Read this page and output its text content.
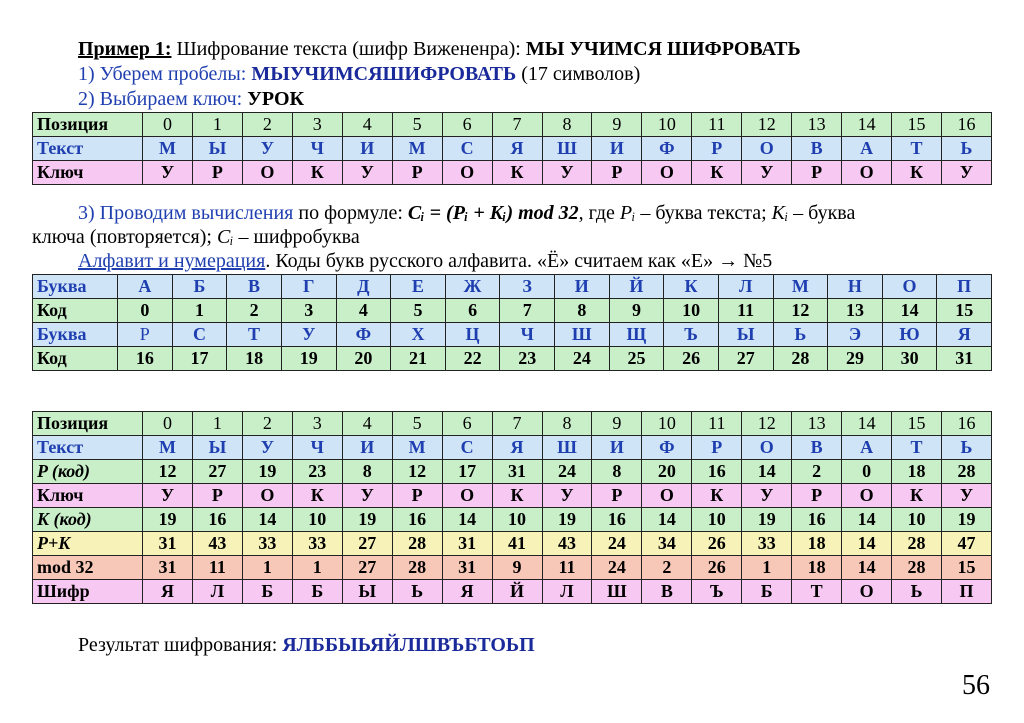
Пример 1: Шифрование текста (шифр Вижененра): МЫ УЧИМСЯ ШИФРОВАТЬ
1) Уберем пробелы: МЫУЧИМСЯШИФРОВАТЬ (17 символов)
2) Выбираем ключ: УРОК
Позиция	0	1	2	3	4	5	6	7	8	9	10	11	12	13	14	15	16
Текст	М	Ы	У	Ч	И	М	С	Я	Ш	И	Ф	Р	О	В	А	Т	Ь
Ключ	У	Р	О	К	У	Р	О	К	У	Р	О	К	У	Р	О	К	У
3) Проводим вычисления по формуле: Cᵢ = (Pᵢ + Kᵢ) mod 32, где Pᵢ – буква текста; Kᵢ – буква
ключа (повторяется); Cᵢ – шифробуква
Алфавит и нумерация. Коды букв русского алфавита. «Ё» считаем как «Е» → №5
Буква	А	Б	В	Г	Д	Е	Ж	З	И	Й	К	Л	М	Н	О	П
Код	0	1	2	3	4	5	6	7	8	9	10	11	12	13	14	15
Буква	Р	С	Т	У	Ф	Х	Ц	Ч	Ш	Щ	Ъ	Ы	Ь	Э	Ю	Я
Код	16	17	18	19	20	21	22	23	24	25	26	27	28	29	30	31
Позиция	0	1	2	3	4	5	6	7	8	9	10	11	12	13	14	15	16
Текст	М	Ы	У	Ч	И	М	С	Я	Ш	И	Ф	Р	О	В	А	Т	Ь
P (код)	12	27	19	23	8	12	17	31	24	8	20	16	14	2	0	18	28
Ключ	У	Р	О	К	У	Р	О	К	У	Р	О	К	У	Р	О	К	У
K (код)	19	16	14	10	19	16	14	10	19	16	14	10	19	16	14	10	19
P+K	31	43	33	33	27	28	31	41	43	24	34	26	33	18	14	28	47
mod 32	31	11	1	1	27	28	31	9	11	24	2	26	1	18	14	28	15
Шифр	Я	Л	Б	Б	Ы	Ь	Я	Й	Л	Ш	В	Ъ	Б	Т	О	Ь	П
Результат шифрования: ЯЛББЫЬЯЙЛШВЪБТОЬП
56
